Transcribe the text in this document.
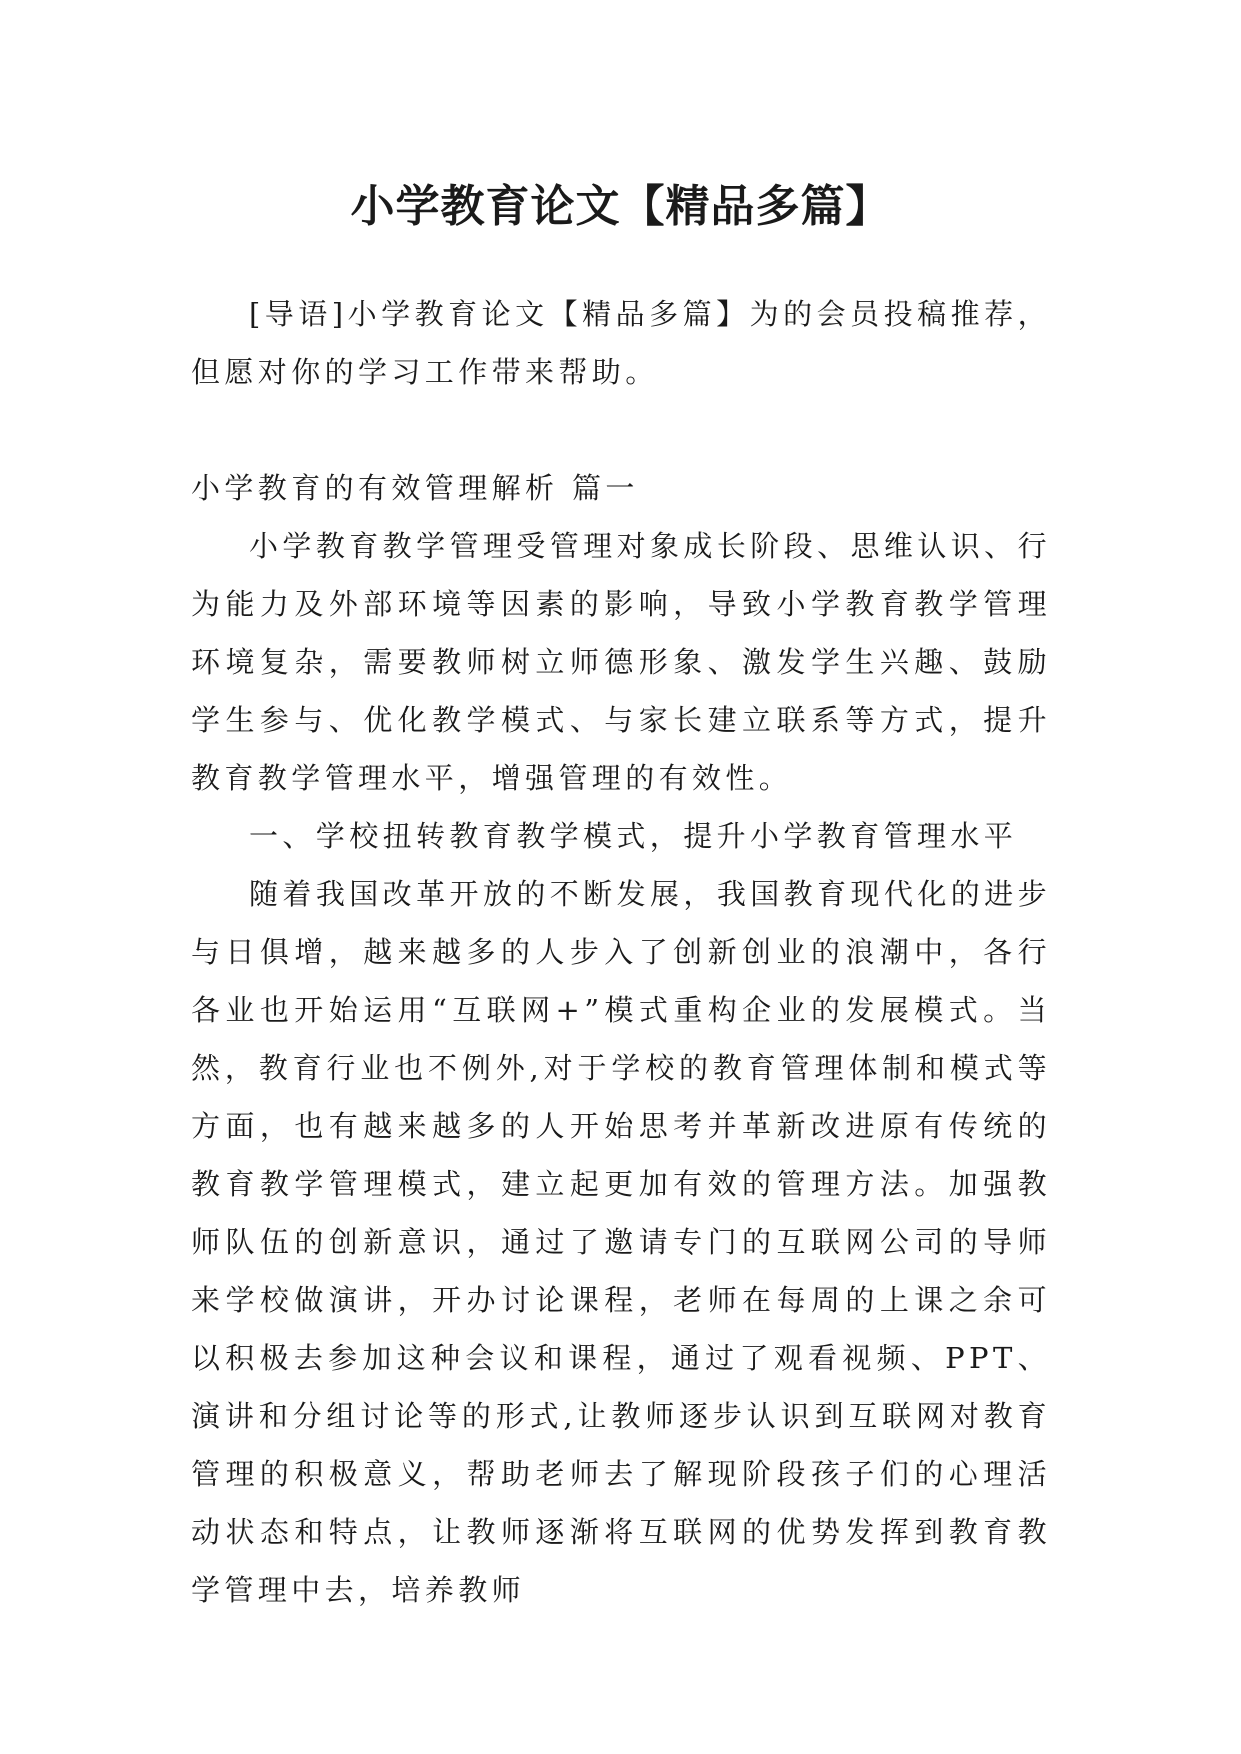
小学教育论文【精品多篇】

[导语]小学教育论文【精品多篇】为的会员投稿推荐，但愿对你的学习工作带来帮助。

小学教育的有效管理解析 篇一

小学教育教学管理受管理对象成长阶段、思维认识、行为能力及外部环境等因素的影响，导致小学教育教学管理环境复杂，需要教师树立师德形象、激发学生兴趣、鼓励学生参与、优化教学模式、与家长建立联系等方式，提升教育教学管理水平，增强管理的有效性。

一、学校扭转教育教学模式，提升小学教育管理水平

随着我国改革开放的不断发展，我国教育现代化的进步与日俱增，越来越多的人步入了创新创业的浪潮中，各行各业也开始运用“互联网+”模式重构企业的发展模式。当然，教育行业也不例外,对于学校的教育管理体制和模式等方面，也有越来越多的人开始思考并革新改进原有传统的教育教学管理模式，建立起更加有效的管理方法。加强教师队伍的创新意识，通过了邀请专门的互联网公司的导师来学校做演讲，开办讨论课程，老师在每周的上课之余可以积极去参加这种会议和课程，通过了观看视频、PPT、演讲和分组讨论等的形式,让教师逐步认识到互联网对教育管理的积极意义，帮助老师去了解现阶段孩子们的心理活动状态和特点，让教师逐渐将互联网的优势发挥到教育教学管理中去，培养教师
